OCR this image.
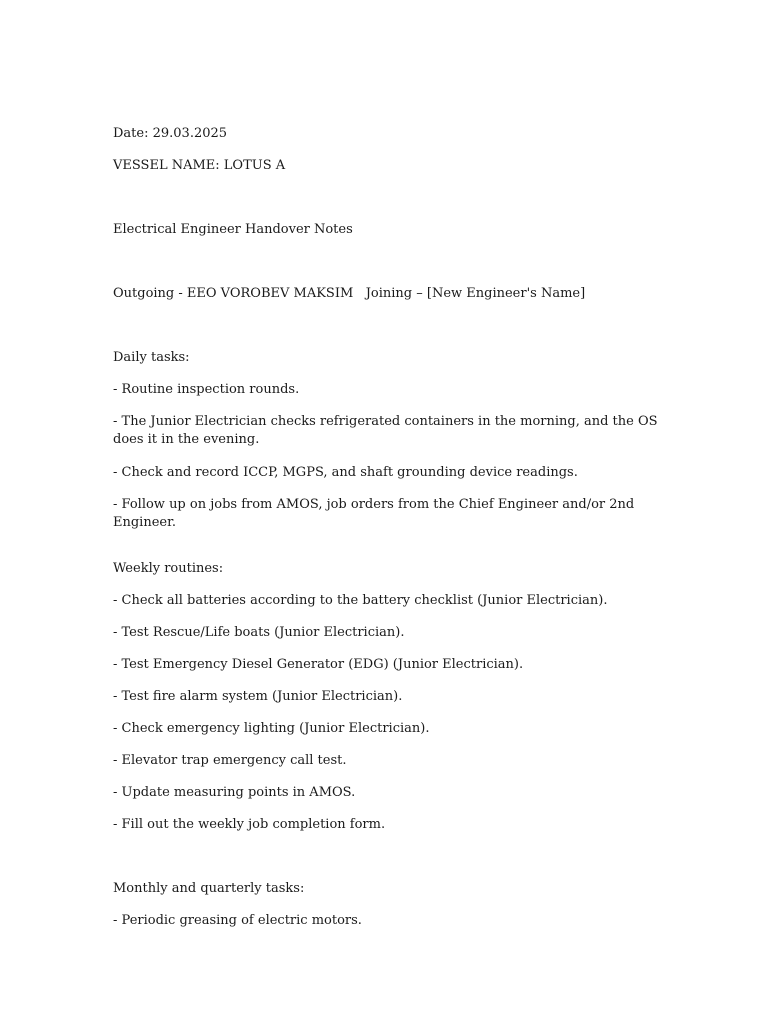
Date: 29.03.2025
VESSEL NAME: LOTUS A
Electrical Engineer Handover Notes
Outgoing - EEO VOROBEV MAKSIM Joining – [New Engineer's Name]
Daily tasks:
- Routine inspection rounds.
- The Junior Electrician checks refrigerated containers in the morning, and the OS does it in the evening.
- Check and record ICCP, MGPS, and shaft grounding device readings.
- Follow up on jobs from AMOS, job orders from the Chief Engineer and/or 2nd Engineer.
Weekly routines:
- Check all batteries according to the battery checklist (Junior Electrician).
- Test Rescue/Life boats (Junior Electrician).
- Test Emergency Diesel Generator (EDG) (Junior Electrician).
- Test fire alarm system (Junior Electrician).
- Check emergency lighting (Junior Electrician).
- Elevator trap emergency call test.
- Update measuring points in AMOS.
- Fill out the weekly job completion form.
Monthly and quarterly tasks:
- Periodic greasing of electric motors.
